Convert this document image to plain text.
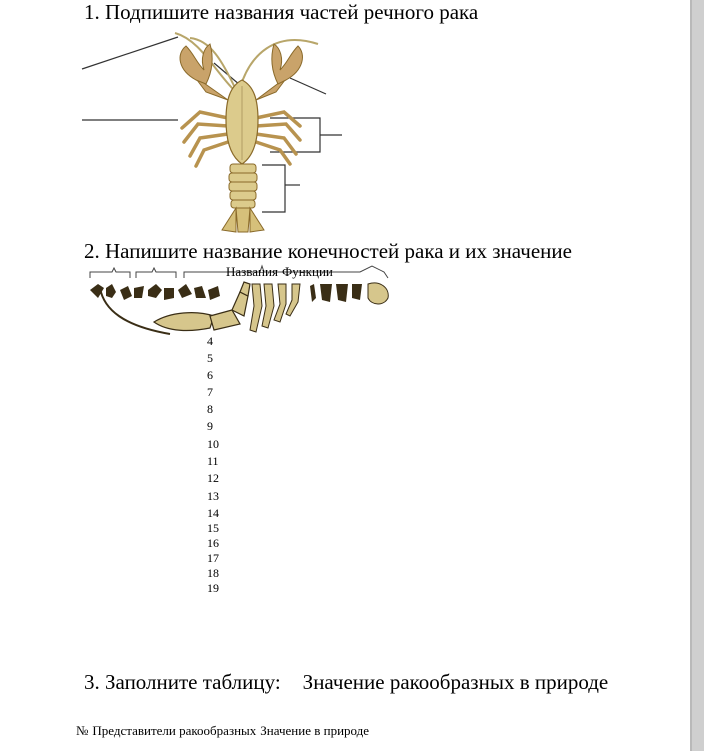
1. Подпишите названия частей речного рака
2. Напишите название конечностей рака и их значение
Названия Функции
4
5
6
7
8
9
10
11
12
13
14
15
16
17
18
19
3. Заполните таблицу: Значение ракообразных в природе
№ Представители ракообразных Значение в природе
